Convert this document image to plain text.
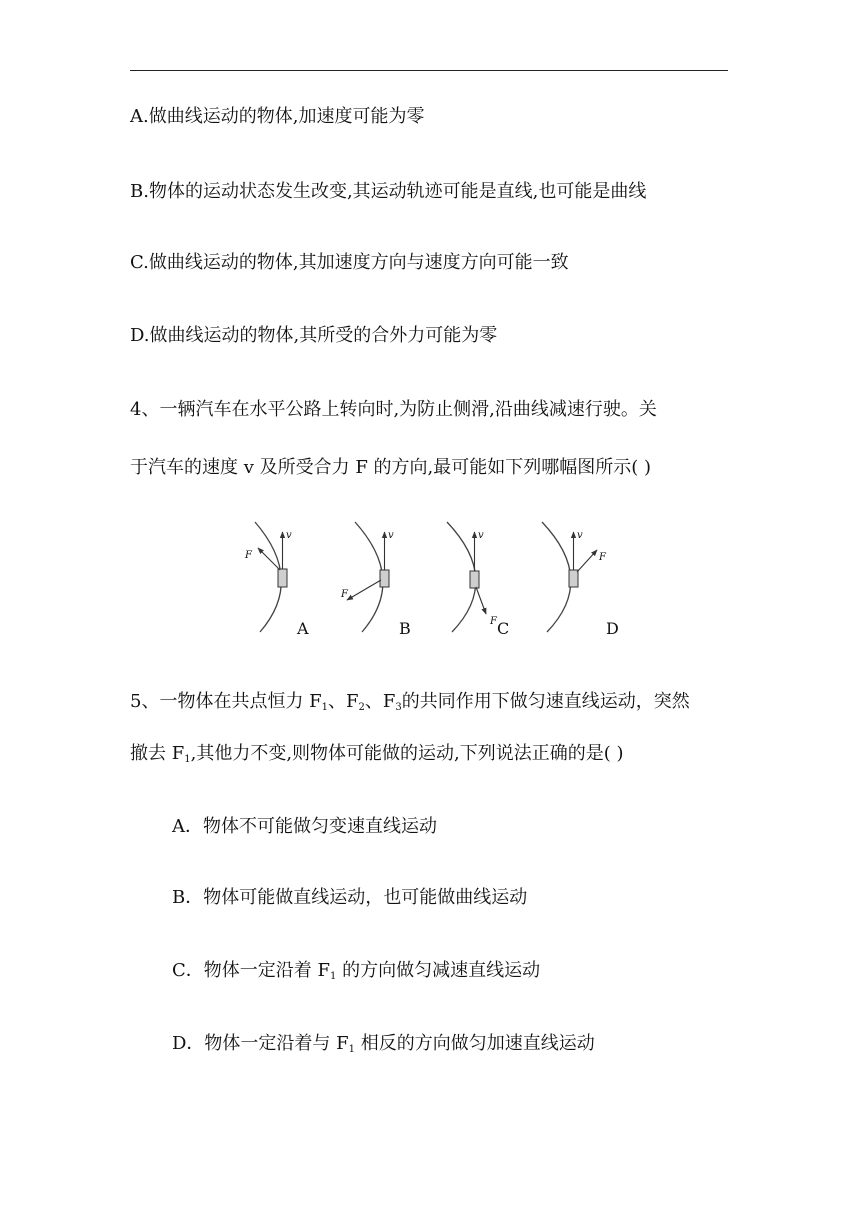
A.做曲线运动的物体,加速度可能为零
B.物体的运动状态发生改变,其运动轨迹可能是直线,也可能是曲线
C.做曲线运动的物体,其加速度方向与速度方向可能一致
D.做曲线运动的物体,其所受的合外力可能为零
4、一辆汽车在水平公路上转向时,为防止侧滑,沿曲线减速行驶。关
于汽车的速度 v 及所受合力 F 的方向,最可能如下列哪幅图所示( )
v
F
A
v
F
B
v
F C
v
F
D
5、一物体在共点恒力 $F_1$、$F_2$、$F_3$的共同作用下做匀速直线运动，突然
撤去 $F_1$,其他力不变,则物体可能做的运动,下列说法正确的是( )
A．物体不可能做匀变速直线运动
B．物体可能做直线运动，也可能做曲线运动
C．物体一定沿着 $F_1$ 的方向做匀减速直线运动
D．物体一定沿着与 $F_1$ 相反的方向做匀加速直线运动
